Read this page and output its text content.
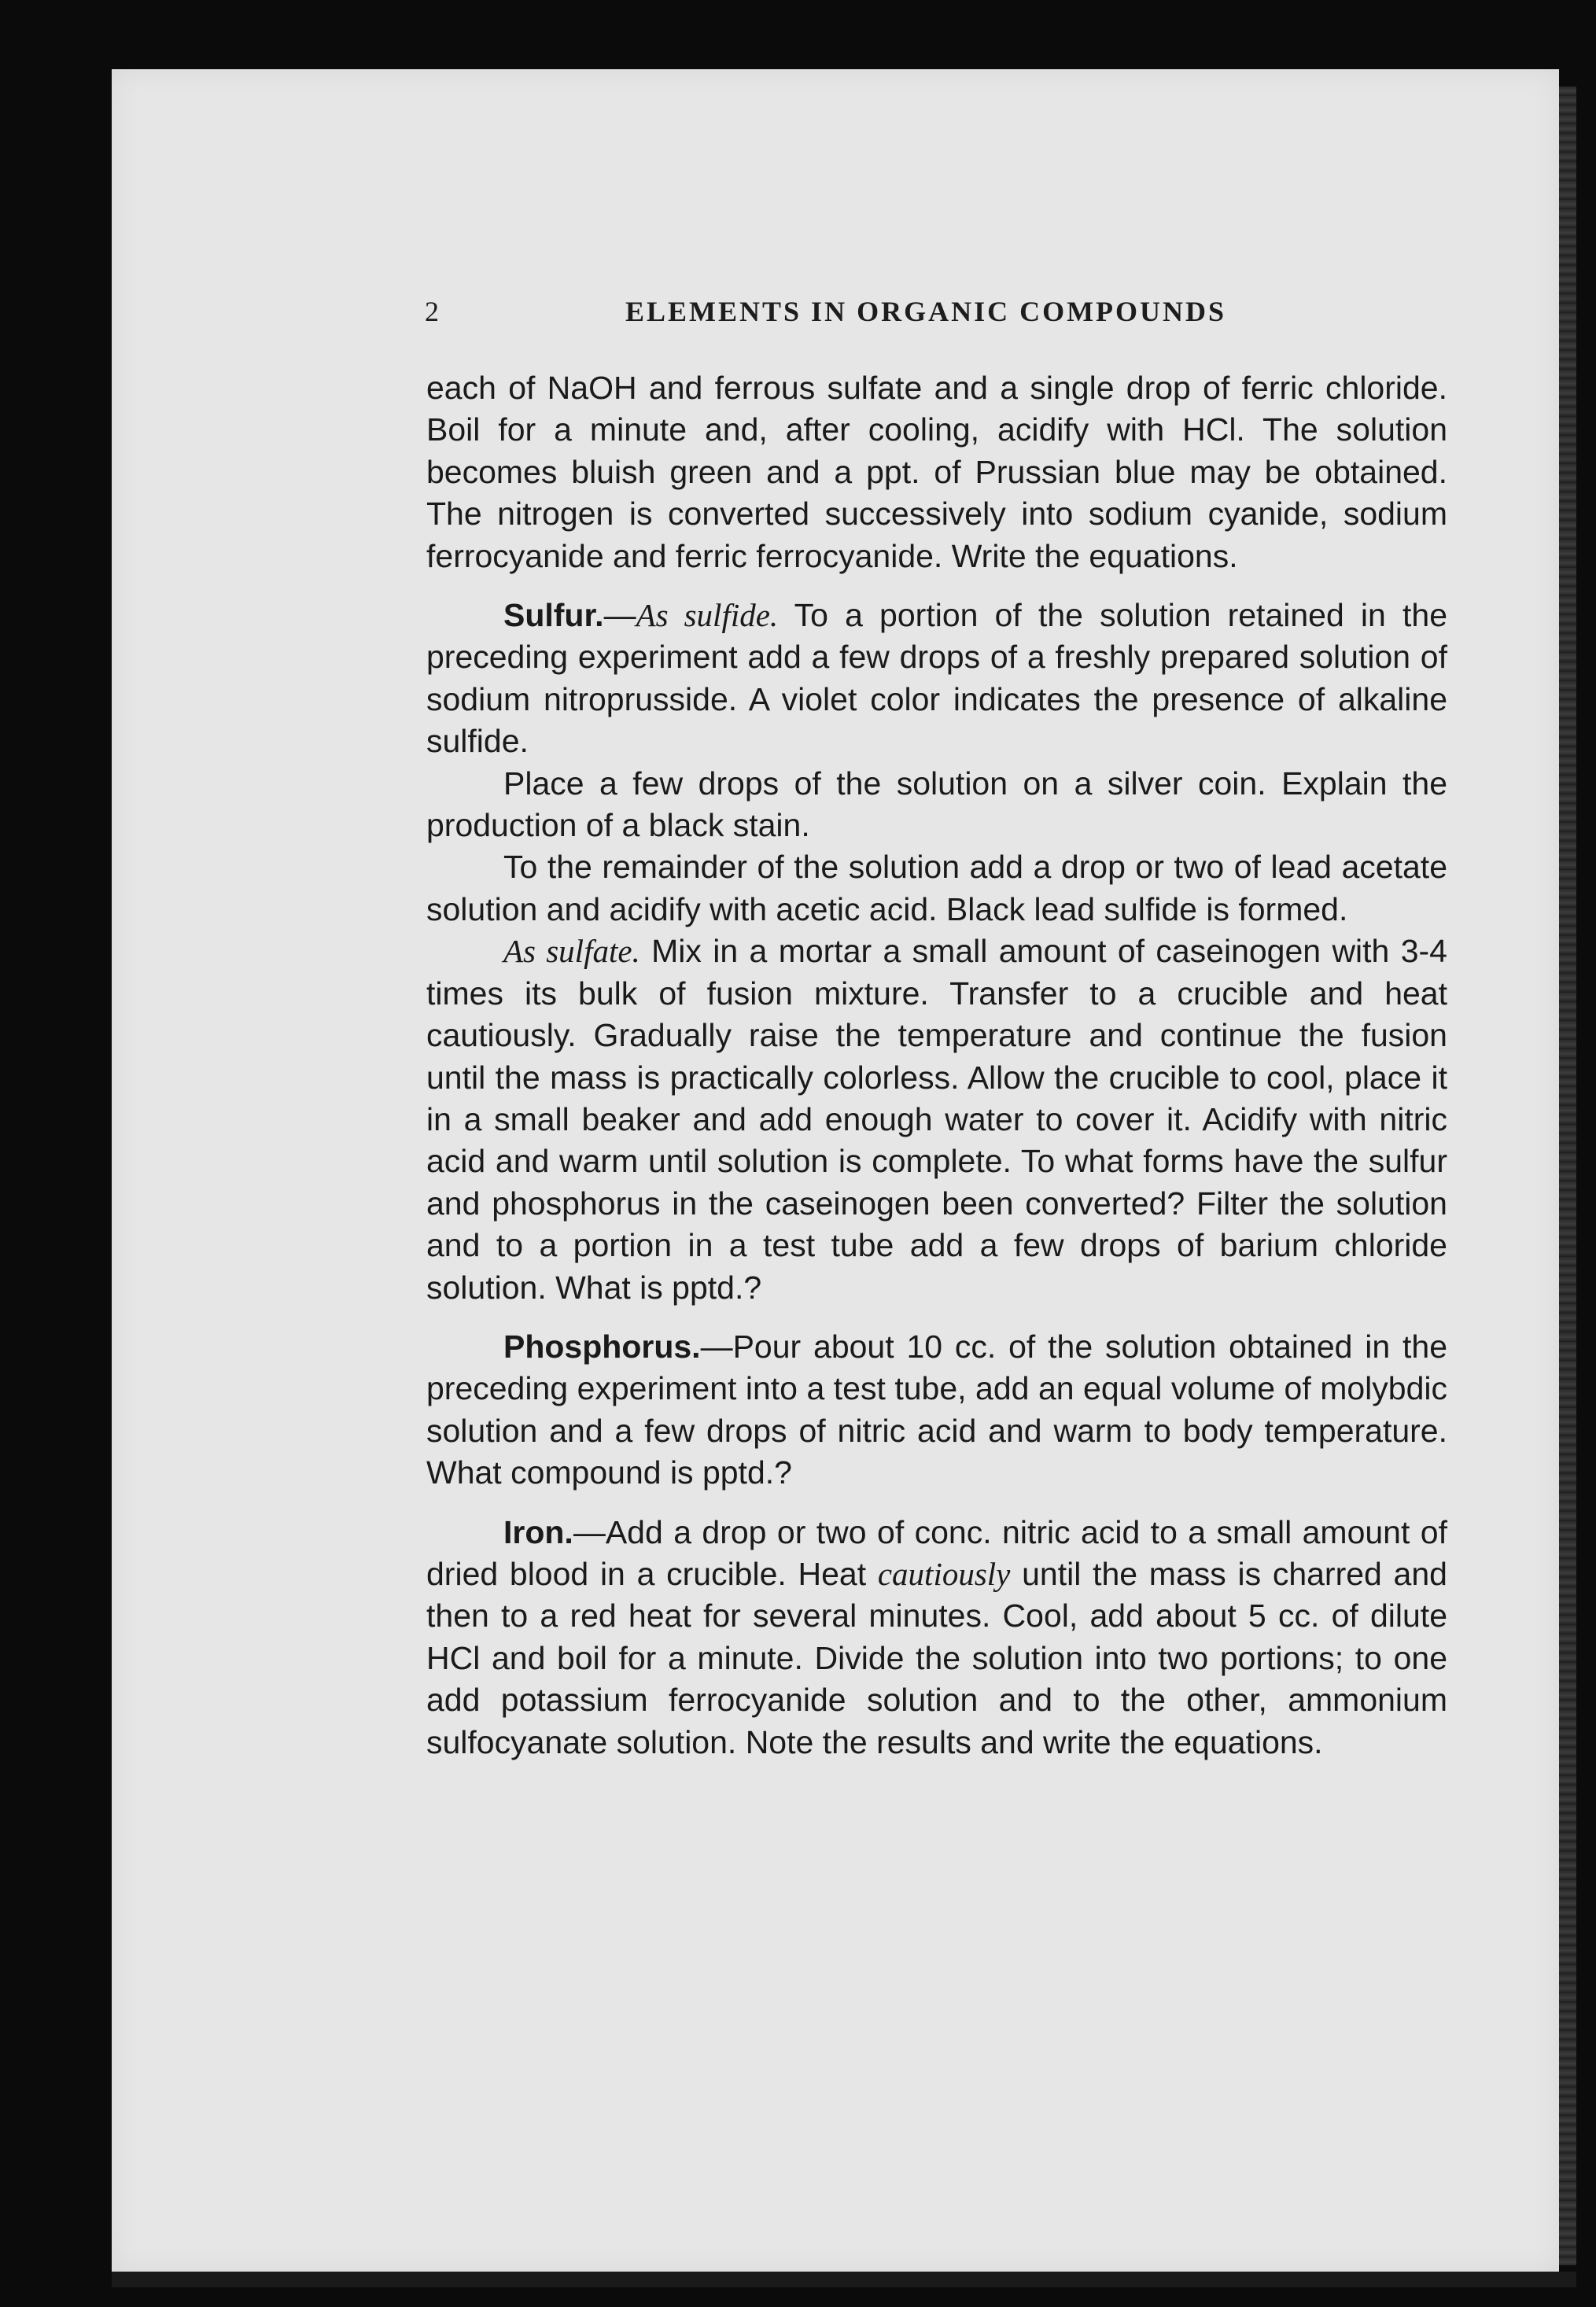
2	ELEMENTS IN ORGANIC COMPOUNDS

each of NaOH and ferrous sulfate and a single drop of ferric chloride. Boil for a minute and, after cooling, acidify with HCl. The solution becomes bluish green and a ppt. of Prussian blue may be obtained. The nitrogen is converted successively into sodium cyanide, sodium ferrocyanide and ferric ferrocyanide. Write the equations.

Sulfur.—As sulfide. To a portion of the solution retained in the preceding experiment add a few drops of a freshly prepared solution of sodium nitroprusside. A violet color indicates the presence of alkaline sulfide.

Place a few drops of the solution on a silver coin. Explain the production of a black stain.

To the remainder of the solution add a drop or two of lead acetate solution and acidify with acetic acid. Black lead sulfide is formed.

As sulfate. Mix in a mortar a small amount of caseinogen with 3-4 times its bulk of fusion mixture. Transfer to a crucible and heat cautiously. Gradually raise the temperature and continue the fusion until the mass is practically colorless. Allow the crucible to cool, place it in a small beaker and add enough water to cover it. Acidify with nitric acid and warm until solution is complete. To what forms have the sulfur and phosphorus in the caseinogen been converted? Filter the solution and to a portion in a test tube add a few drops of barium chloride solution. What is pptd.?

Phosphorus.—Pour about 10 cc. of the solution obtained in the preceding experiment into a test tube, add an equal volume of molybdic solution and a few drops of nitric acid and warm to body temperature. What compound is pptd.?

Iron.—Add a drop or two of conc. nitric acid to a small amount of dried blood in a crucible. Heat cautiously until the mass is charred and then to a red heat for several minutes. Cool, add about 5 cc. of dilute HCl and boil for a minute. Divide the solution into two portions; to one add potassium ferrocyanide solution and to the other, ammonium sulfocyanate solution. Note the results and write the equations.
